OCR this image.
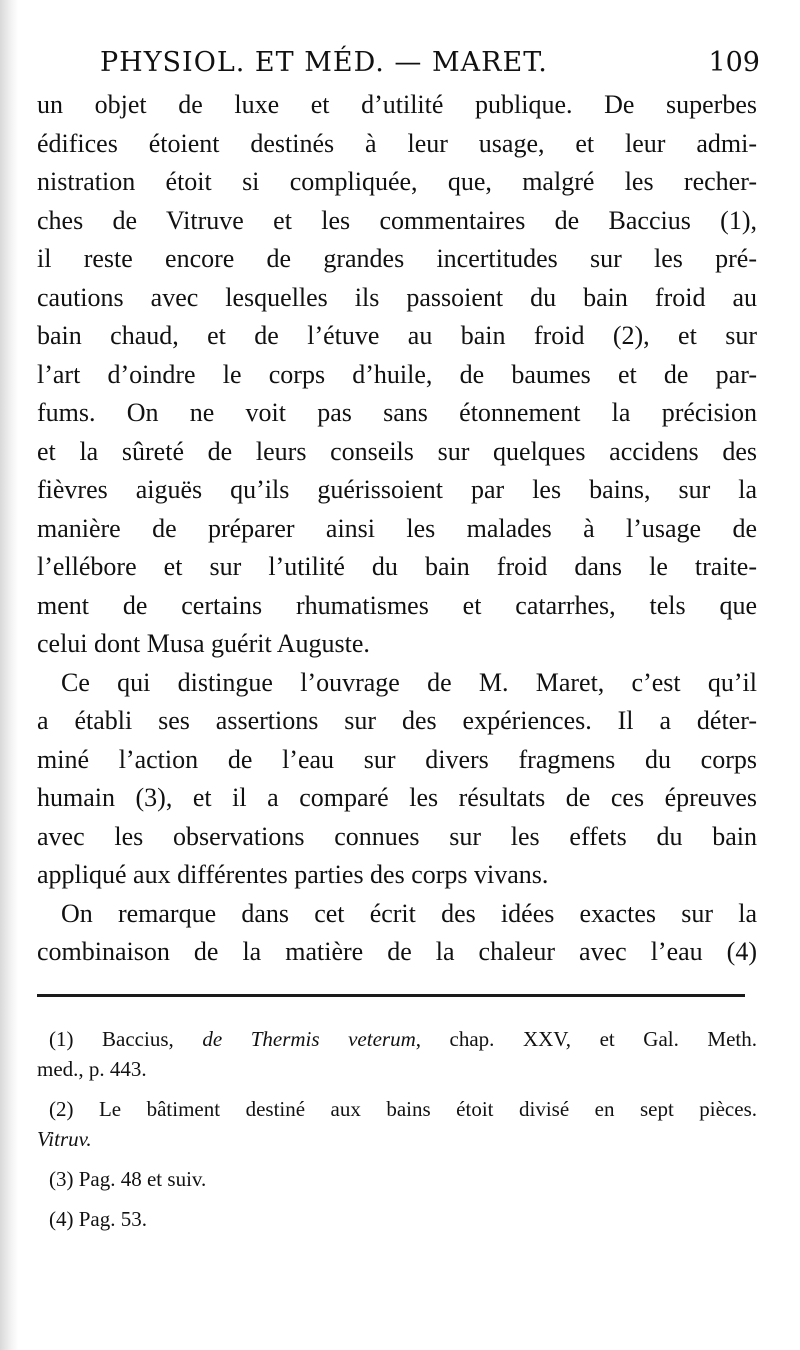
PHYSIOL. ET MÉD. — MARET.	109
un objet de luxe et d’utilité publique. De superbes
édifices étoient destinés à leur usage, et leur admi-
nistration étoit si compliquée, que, malgré les recher-
ches de Vitruve et les commentaires de Baccius (1),
il reste encore de grandes incertitudes sur les pré-
cautions avec lesquelles ils passoient du bain froid au
bain chaud, et de l’étuve au bain froid (2), et sur
l’art d’oindre le corps d’huile, de baumes et de par-
fums. On ne voit pas sans étonnement la précision
et la sûreté de leurs conseils sur quelques accidens des
fièvres aiguës qu’ils guérissoient par les bains, sur la
manière de préparer ainsi les malades à l’usage de
l’ellébore et sur l’utilité du bain froid dans le traite-
ment de certains rhumatismes et catarrhes, tels que
celui dont Musa guérit Auguste.
Ce qui distingue l’ouvrage de M. Maret, c’est qu’il
a établi ses assertions sur des expériences. Il a déter-
miné l’action de l’eau sur divers fragmens du corps
humain (3), et il a comparé les résultats de ces épreuves
avec les observations connues sur les effets du bain
appliqué aux différentes parties des corps vivans.
On remarque dans cet écrit des idées exactes sur la
combinaison de la matière de la chaleur avec l’eau (4)
(1) Baccius, de Thermis veterum, chap. XXV, et Gal. Meth.
med., p. 443.
(2) Le bâtiment destiné aux bains étoit divisé en sept pièces.
Vitruv.
(3) Pag. 48 et suiv.
(4) Pag. 53.
